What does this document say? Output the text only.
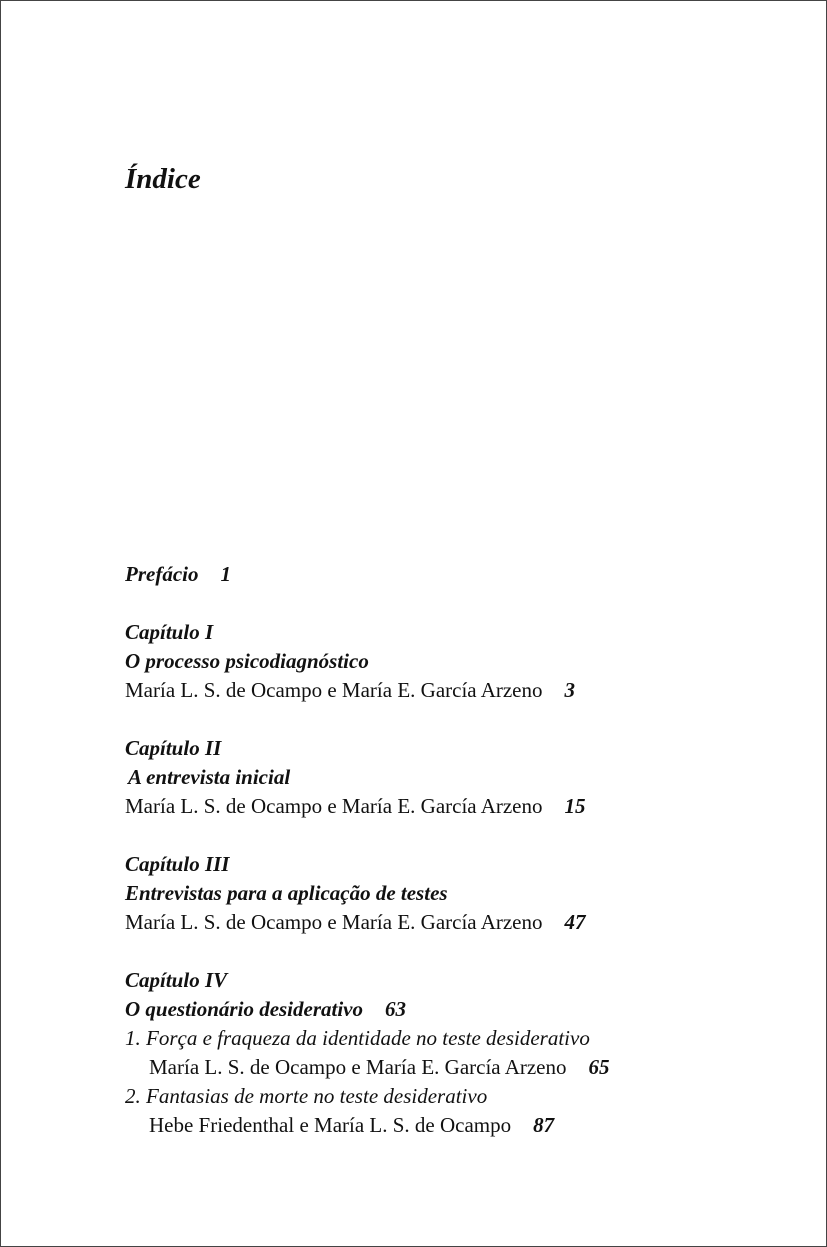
Índice
Prefácio 1
Capítulo I
O processo psicodiagnóstico
María L. S. de Ocampo e María E. García Arzeno 3
Capítulo II
A entrevista inicial
María L. S. de Ocampo e María E. García Arzeno 15
Capítulo III
Entrevistas para a aplicação de testes
María L. S. de Ocampo e María E. García Arzeno 47
Capítulo IV
O questionário desiderativo 63
1. Força e fraqueza da identidade no teste desiderativo
María L. S. de Ocampo e María E. García Arzeno 65
2. Fantasias de morte no teste desiderativo
Hebe Friedenthal e María L. S. de Ocampo 87
